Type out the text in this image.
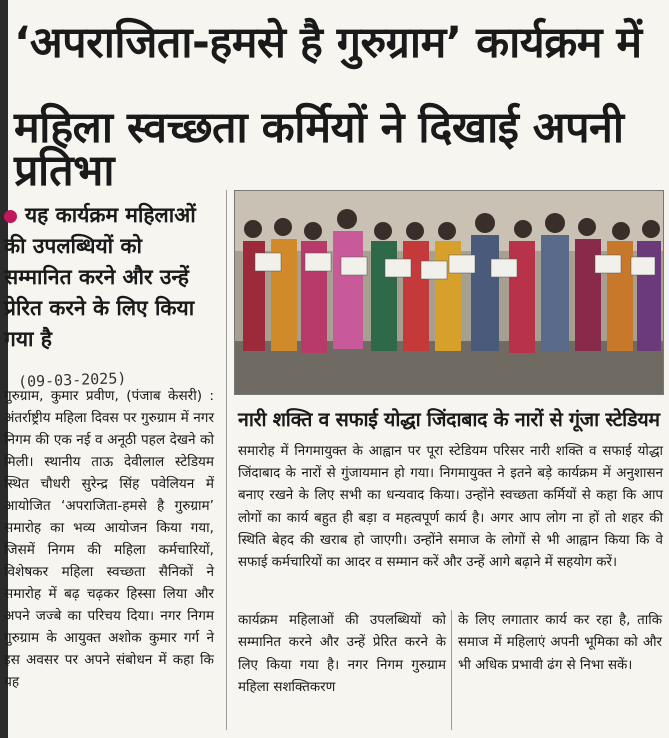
‘अपराजिता-हमसे है गुरुग्राम’ कार्यक्रम में
महिला स्वच्छता कर्मियों ने दिखाई अपनी प्रतिभा
यह कार्यक्रम महिलाओं की उपलब्धियों को सम्मानित करने और उन्हें प्रेरित करने के लिए किया गया है
(09-03-2025)
गुरुग्राम, कुमार प्रवीण, (पंजाब केसरी) : अंतर्राष्ट्रीय महिला दिवस पर गुरुग्राम में नगर निगम की एक नई व अनूठी पहल देखने को मिली। स्थानीय ताऊ देवीलाल स्टेडियम स्थित चौधरी सुरेन्द्र सिंह पवेलियन में आयोजित ‘अपराजिता-हमसे है गुरुग्राम’ समारोह का भव्य आयोजन किया गया, जिसमें निगम की महिला कर्मचारियों, विशेषकर महिला स्वच्छता सैनिकों ने समारोह में बढ़ चढ़कर हिस्सा लिया और अपने जज्बे का परिचय दिया। नगर निगम गुरुग्राम के आयुक्त अशोक कुमार गर्ग ने इस अवसर पर अपने संबोधन में कहा कि यह
नारी शक्ति व सफाई योद्धा जिंदाबाद के नारों से गूंजा स्टेडियम
समारोह में निगमायुक्त के आह्वान पर पूरा स्टेडियम परिसर नारी शक्ति व सफाई योद्धा जिंदाबाद के नारों से गुंजायमान हो गया। निगमायुक्त ने इतने बड़े कार्यक्रम में अनुशासन बनाए रखने के लिए सभी का धन्यवाद किया। उन्होंने स्वच्छता कर्मियों से कहा कि आप लोगों का कार्य बहुत ही बड़ा व महत्वपूर्ण कार्य है। अगर आप लोग ना हों तो शहर की स्थिति बेहद की खराब हो जाएगी। उन्होंने समाज के लोगों से भी आह्वान किया कि वे सफाई कर्मचारियों का आदर व सम्मान करें और उन्हें आगे बढ़ाने में सहयोग करें।
कार्यक्रम महिलाओं की उपलब्धियों को सम्मानित करने और उन्हें प्रेरित करने के लिए किया गया है। नगर निगम गुरुग्राम महिला सशक्तिकरण
के लिए लगातार कार्य कर रहा है, ताकि समाज में महिलाएं अपनी भूमिका को और भी अधिक प्रभावी ढंग से निभा सकें।
